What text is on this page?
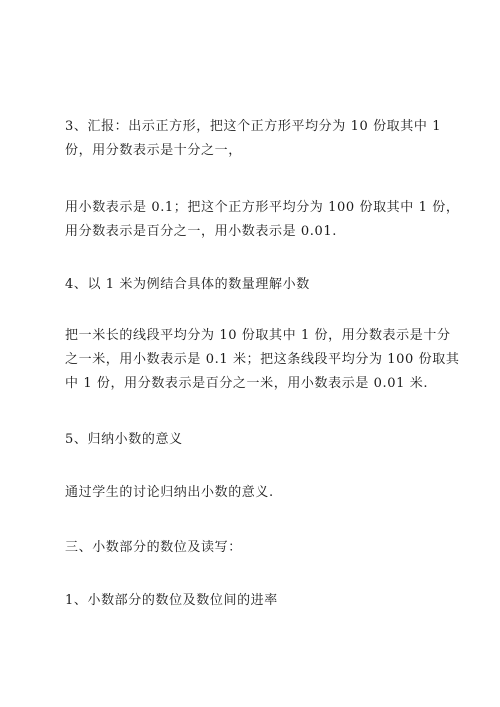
3、汇报：出示正方形，把这个正方形平均分为 10 份取其中 1
份，用分数表示是十分之一，

用小数表示是 0.1；把这个正方形平均分为 100 份取其中 1 份，
用分数表示是百分之一，用小数表示是 0.01.

4、以 1 米为例结合具体的数量理解小数

把一米长的线段平均分为 10 份取其中 1 份，用分数表示是十分
之一米，用小数表示是 0.1 米；把这条线段平均分为 100 份取其
中 1 份，用分数表示是百分之一米，用小数表示是 0.01 米.

5、归纳小数的意义

通过学生的讨论归纳出小数的意义.

三、小数部分的数位及读写：

1、小数部分的数位及数位间的进率
